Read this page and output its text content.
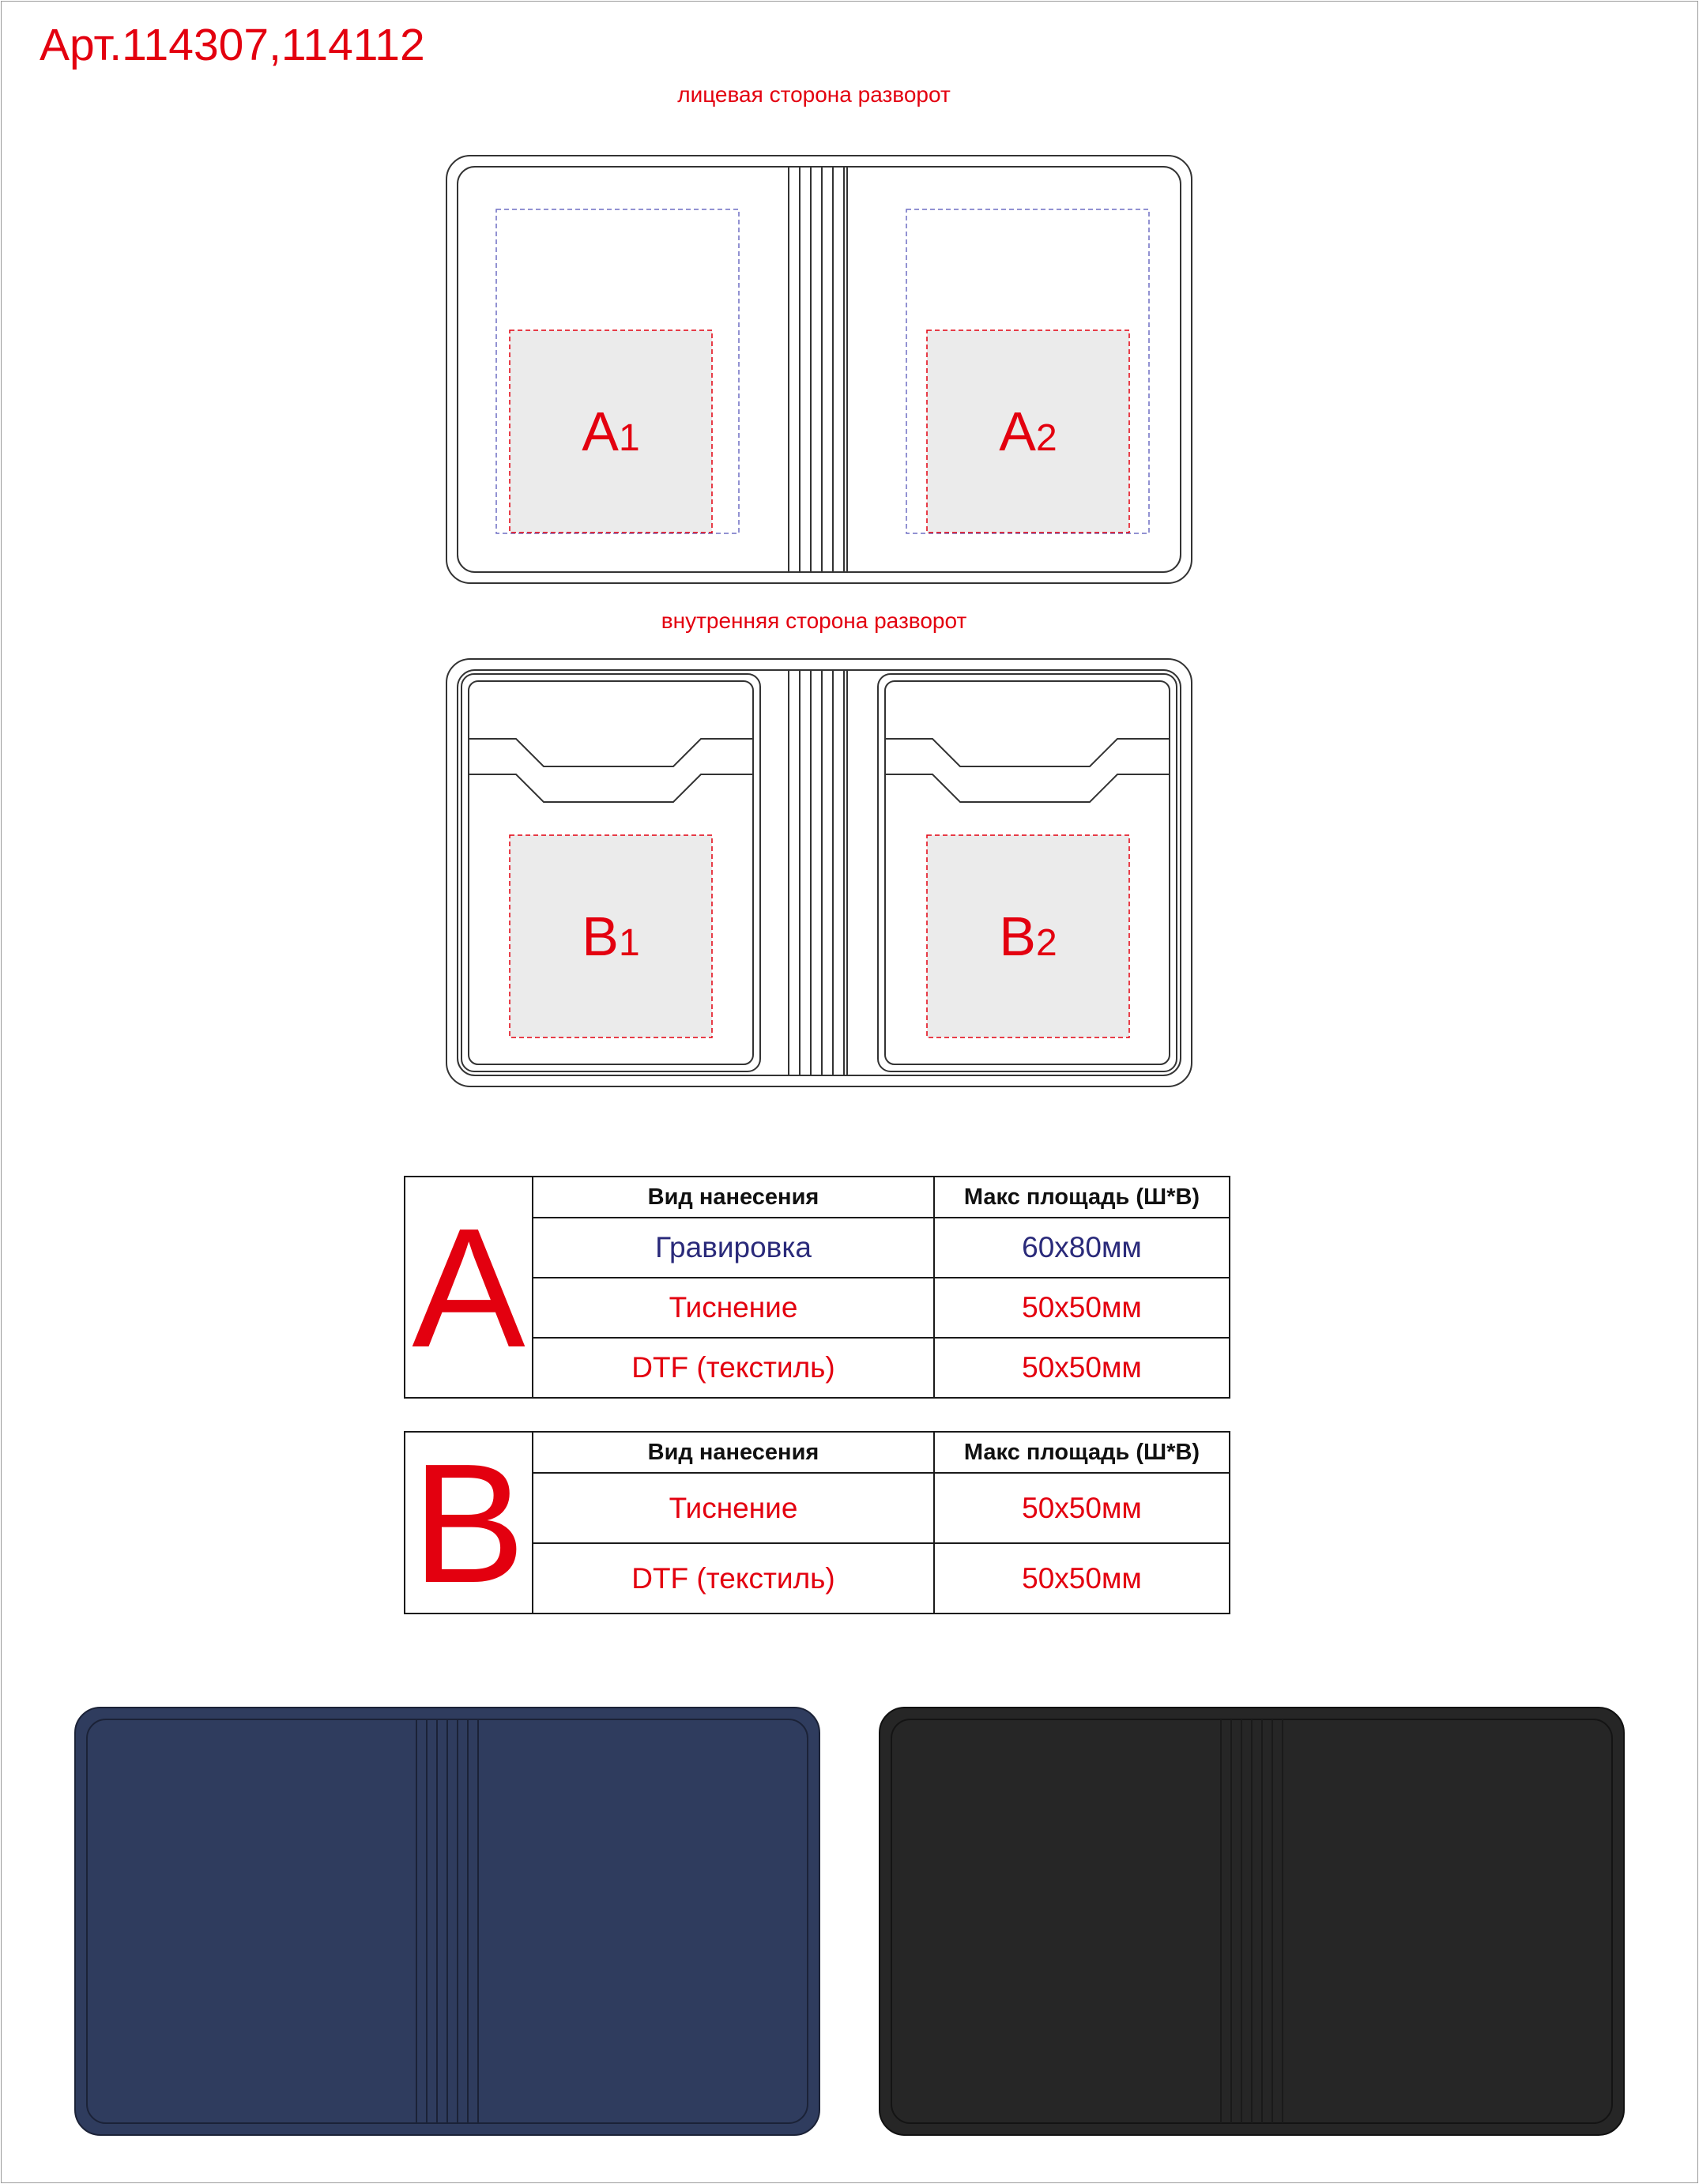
Арт.114307,114112
лицевая сторона разворот
внутренняя сторона разворот
A1	A2
B1	B2
A	Вид нанесения	Макс площадь (Ш*В)
	Гравировка	60x80мм
	Тиснение	50x50мм
	DTF (текстиль)	50x50мм
B	Вид нанесения	Макс площадь (Ш*В)
	Тиснение	50x50мм
	DTF (текстиль)	50x50мм
